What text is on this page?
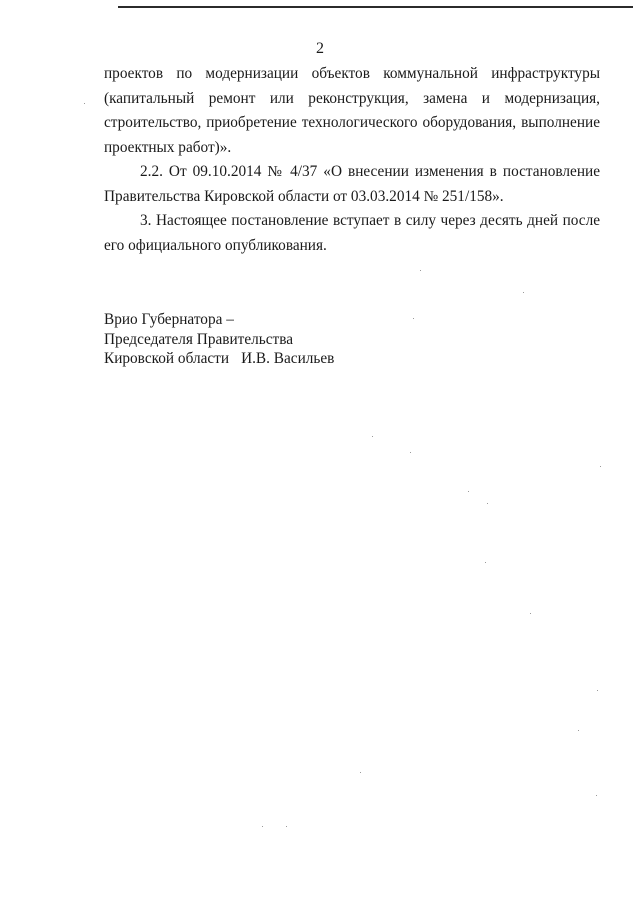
2

проектов по модернизации объектов коммунальной инфраструктуры (капитальный ремонт или реконструкция, замена и модернизация, строительство, приобретение технологического оборудования, выполнение проектных работ)».

2.2. От 09.10.2014 № 4/37 «О внесении изменения в постановление Правительства Кировской области от 03.03.2014 № 251/158».

3. Настоящее постановление вступает в силу через десять дней после его официального опубликования.

Врио Губернатора –
Председателя Правительства
Кировской области И.В. Васильев
